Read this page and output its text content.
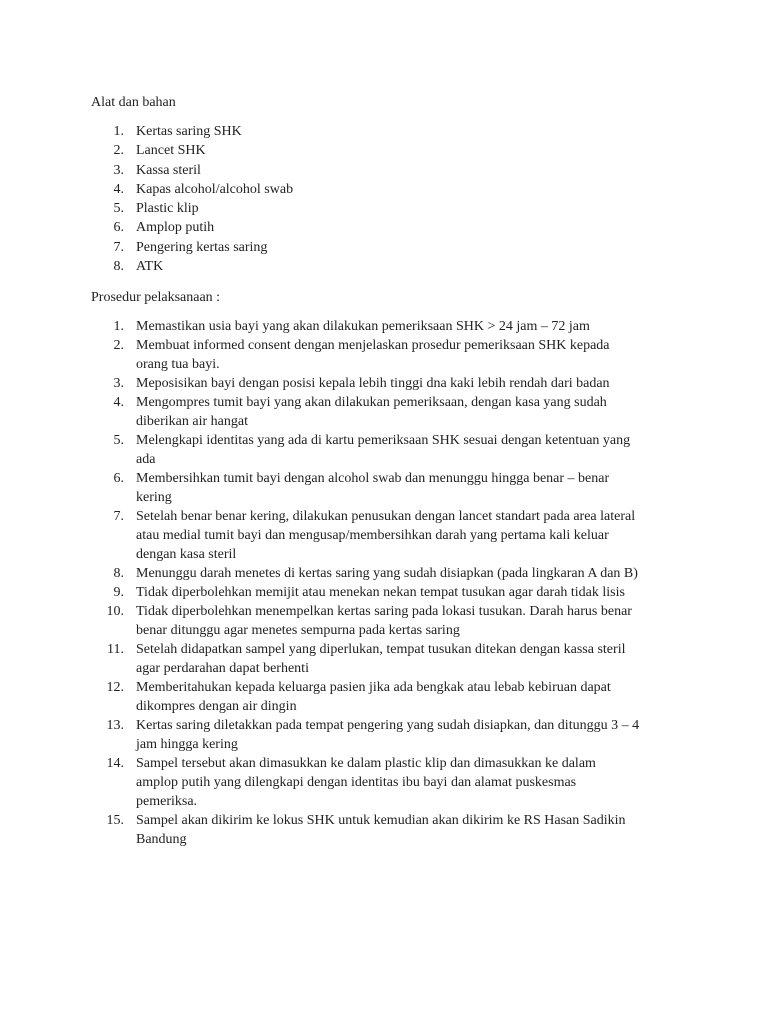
Alat dan bahan
1. Kertas saring SHK
2. Lancet SHK
3. Kassa steril
4. Kapas alcohol/alcohol swab
5. Plastic klip
6. Amplop putih
7. Pengering kertas saring
8. ATK
Prosedur pelaksanaan :
1. Memastikan usia bayi yang akan dilakukan pemeriksaan SHK > 24 jam – 72 jam
2. Membuat informed consent dengan menjelaskan prosedur pemeriksaan SHK kepada
orang tua bayi.
3. Meposisikan bayi dengan posisi kepala lebih tinggi dna kaki lebih rendah dari badan
4. Mengompres tumit bayi yang akan dilakukan pemeriksaan, dengan kasa yang sudah
diberikan air hangat
5. Melengkapi identitas yang ada di kartu pemeriksaan SHK sesuai dengan ketentuan yang
ada
6. Membersihkan tumit bayi dengan alcohol swab dan menunggu hingga benar – benar
kering
7. Setelah benar benar kering, dilakukan penusukan dengan lancet standart pada area lateral
atau medial tumit bayi dan mengusap/membersihkan darah yang pertama kali keluar
dengan kasa steril
8. Menunggu darah menetes di kertas saring yang sudah disiapkan (pada lingkaran A dan B)
9. Tidak diperbolehkan memijit atau menekan nekan tempat tusukan agar darah tidak lisis
10. Tidak diperbolehkan menempelkan kertas saring pada lokasi tusukan. Darah harus benar
benar ditunggu agar menetes sempurna pada kertas saring
11. Setelah didapatkan sampel yang diperlukan, tempat tusukan ditekan dengan kassa steril
agar perdarahan dapat berhenti
12. Memberitahukan kepada keluarga pasien jika ada bengkak atau lebab kebiruan dapat
dikompres dengan air dingin
13. Kertas saring diletakkan pada tempat pengering yang sudah disiapkan, dan ditunggu 3 – 4
jam hingga kering
14. Sampel tersebut akan dimasukkan ke dalam plastic klip dan dimasukkan ke dalam
amplop putih yang dilengkapi dengan identitas ibu bayi dan alamat puskesmas
pemeriksa.
15. Sampel akan dikirim ke lokus SHK untuk kemudian akan dikirim ke RS Hasan Sadikin
Bandung
